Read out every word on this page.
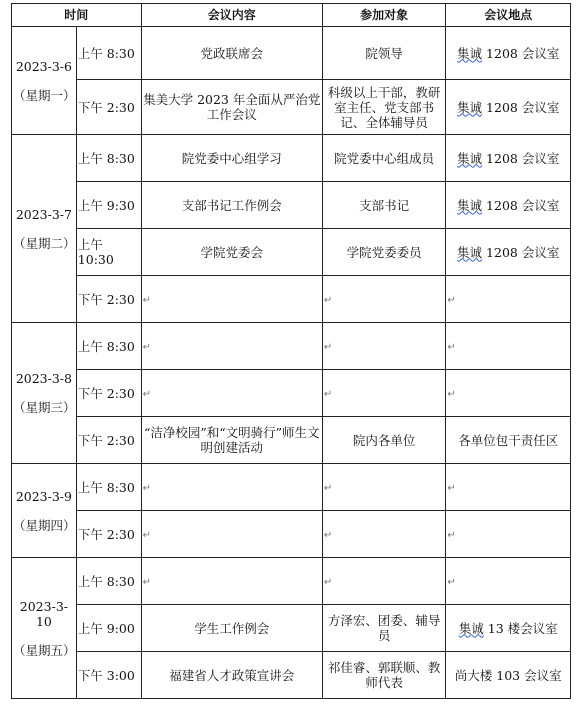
时间		会议内容	参加对象	会议地点

2023-3-6
（星期一）	上午 8:30	党政联席会	院领导	集诚 1208 会议室
	下午 2:30	集美大学 2023 年全面从严治党工作会议	科级以上干部，教研室主任、党支部书记、全体辅导员	集诚 1208 会议室

2023-3-7
（星期二）	上午 8:30	院党委中心组学习	院党委中心组成员	集诚 1208 会议室
	上午 9:30	支部书记工作例会	支部书记	集诚 1208 会议室
	上午 10:30	学院党委会	学院党委委员	集诚 1208 会议室
	下午 2:30	↵	↵	↵

2023-3-8
（星期三）	上午 8:30	↵	↵	↵
	下午 2:30	↵	↵	↵
	下午 2:30	“洁净校园”和“文明骑行”师生文明创建活动	院内各单位	各单位包干责任区

2023-3-9
（星期四）	上午 8:30	↵	↵	↵
	下午 2:30	↵	↵	↵

2023-3-10
（星期五）	上午 8:30	↵	↵	↵
	上午 9:00	学生工作例会	方泽宏、团委、辅导员	集诚 13 楼会议室
	下午 3:00	福建省人才政策宣讲会	祁佳睿、郭联顺、教师代表	尚大楼 103 会议室
